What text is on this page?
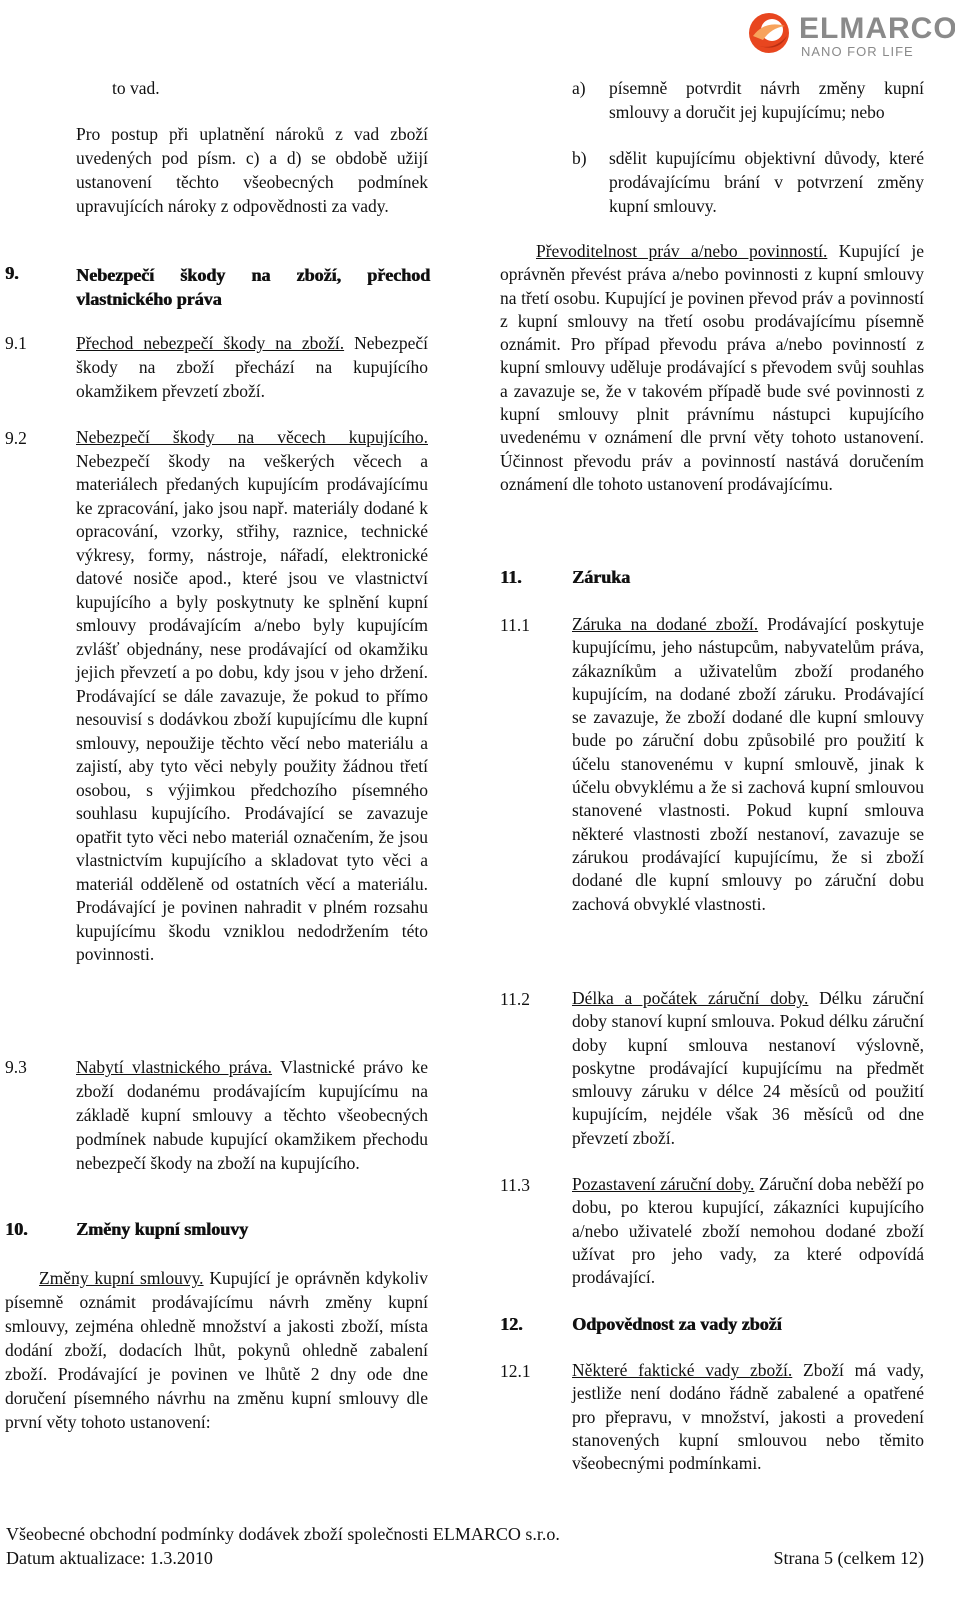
ELMARCO
NANO FOR LIFE
to vad.
Pro postup při uplatnění nároků z vad zboží uvedených pod písm. c) a d) se obdobě užijí ustanovení těchto všeobecných podmínek upravujících nároky z odpovědnosti za vady.
9.	Nebezpečí škody na zboží, přechod vlastnického práva
9.1	Přechod nebezpečí škody na zboží. Nebezpečí škody na zboží přechází na kupujícího okamžikem převzetí zboží.
9.2	Nebezpečí škody na věcech kupujícího. Nebezpečí škody na veškerých věcech a materiálech předaných kupujícím prodávajícímu ke zpracování, jako jsou např. materiály dodané k opracování, vzorky, střihy, raznice, technické výkresy, formy, nástroje, nářadí, elektronické datové nosiče apod., které jsou ve vlastnictví kupujícího a byly poskytnuty ke splnění kupní smlouvy prodávajícím a/nebo byly kupujícím zvlášť objednány, nese prodávající od okamžiku jejich převzetí a po dobu, kdy jsou v jeho držení. Prodávající se dále zavazuje, že pokud to přímo nesouvisí s dodávkou zboží kupujícímu dle kupní smlouvy, nepoužije těchto věcí nebo materiálu a zajistí, aby tyto věci nebyly použity žádnou třetí osobou, s výjimkou předchozího písemného souhlasu kupujícího. Prodávající se zavazuje opatřit tyto věci nebo materiál označením, že jsou vlastnictvím kupujícího a skladovat tyto věci a materiál odděleně od ostatních věcí a materiálu. Prodávající je povinen nahradit v plném rozsahu kupujícímu škodu vzniklou nedodržením této povinnosti.
9.3	Nabytí vlastnického práva. Vlastnické právo ke zboží dodanému prodávajícím kupujícímu na základě kupní smlouvy a těchto všeobecných podmínek nabude kupující okamžikem přechodu nebezpečí škody na zboží na kupujícího.
10.	Změny kupní smlouvy
Změny kupní smlouvy. Kupující je oprávněn kdykoliv písemně oznámit prodávajícímu návrh změny kupní smlouvy, zejména ohledně množství a jakosti zboží, místa dodání zboží, dodacích lhůt, pokynů ohledně zabalení zboží. Prodávající je povinen ve lhůtě 2 dny ode dne doručení písemného návrhu na změnu kupní smlouvy dle první věty tohoto ustanovení:
a) písemně potvrdit návrh změny kupní smlouvy a doručit jej kupujícímu; nebo
b) sdělit kupujícímu objektivní důvody, které prodávajícímu brání v potvrzení změny kupní smlouvy.
Převoditelnost práv a/nebo povinností. Kupující je oprávněn převést práva a/nebo povinnosti z kupní smlouvy na třetí osobu. Kupující je povinen převod práv a povinností z kupní smlouvy na třetí osobu prodávajícímu písemně oznámit. Pro případ převodu práva a/nebo povinností z kupní smlouvy uděluje prodávající s převodem svůj souhlas a zavazuje se, že v takovém případě bude své povinnosti z kupní smlouvy plnit právnímu nástupci kupujícího uvedenému v oznámení dle první věty tohoto ustanovení. Účinnost převodu práv a povinností nastává doručením oznámení dle tohoto ustanovení prodávajícímu.
11.	Záruka
11.1 Záruka na dodané zboží. Prodávající poskytuje kupujícímu, jeho nástupcům, nabyvatelům práva, zákazníkům a uživatelům zboží prodaného kupujícím, na dodané zboží záruku. Prodávající se zavazuje, že zboží dodané dle kupní smlouvy bude po záruční dobu způsobilé pro použití k účelu stanovenému v kupní smlouvě, jinak k účelu obvyklému a že si zachová kupní smlouvou stanovené vlastnosti. Pokud kupní smlouva některé vlastnosti zboží nestanoví, zavazuje se zárukou prodávající kupujícímu, že si zboží dodané dle kupní smlouvy po záruční dobu zachová obvyklé vlastnosti.
11.2 Délka a počátek záruční doby. Délku záruční doby stanoví kupní smlouva. Pokud délku záruční doby kupní smlouva nestanoví výslovně, poskytne prodávající kupujícímu na předmět smlouvy záruku v délce 24 měsíců od použití kupujícím, nejdéle však 36 měsíců od dne převzetí zboží.
11.3 Pozastavení záruční doby. Záruční doba neběží po dobu, po kterou kupující, zákazníci kupujícího a/nebo uživatelé zboží nemohou dodané zboží užívat pro jeho vady, za které odpovídá prodávající.
12.	Odpovědnost za vady zboží
12.1 Některé faktické vady zboží. Zboží má vady, jestliže není dodáno řádně zabalené a opatřené pro přepravu, v množství, jakosti a provedení stanovených kupní smlouvou nebo těmito všeobecnými podmínkami.
Všeobecné obchodní podmínky dodávek zboží společnosti ELMARCO s.r.o.
Datum aktualizace: 1.3.2010	Strana 5 (celkem 12)
